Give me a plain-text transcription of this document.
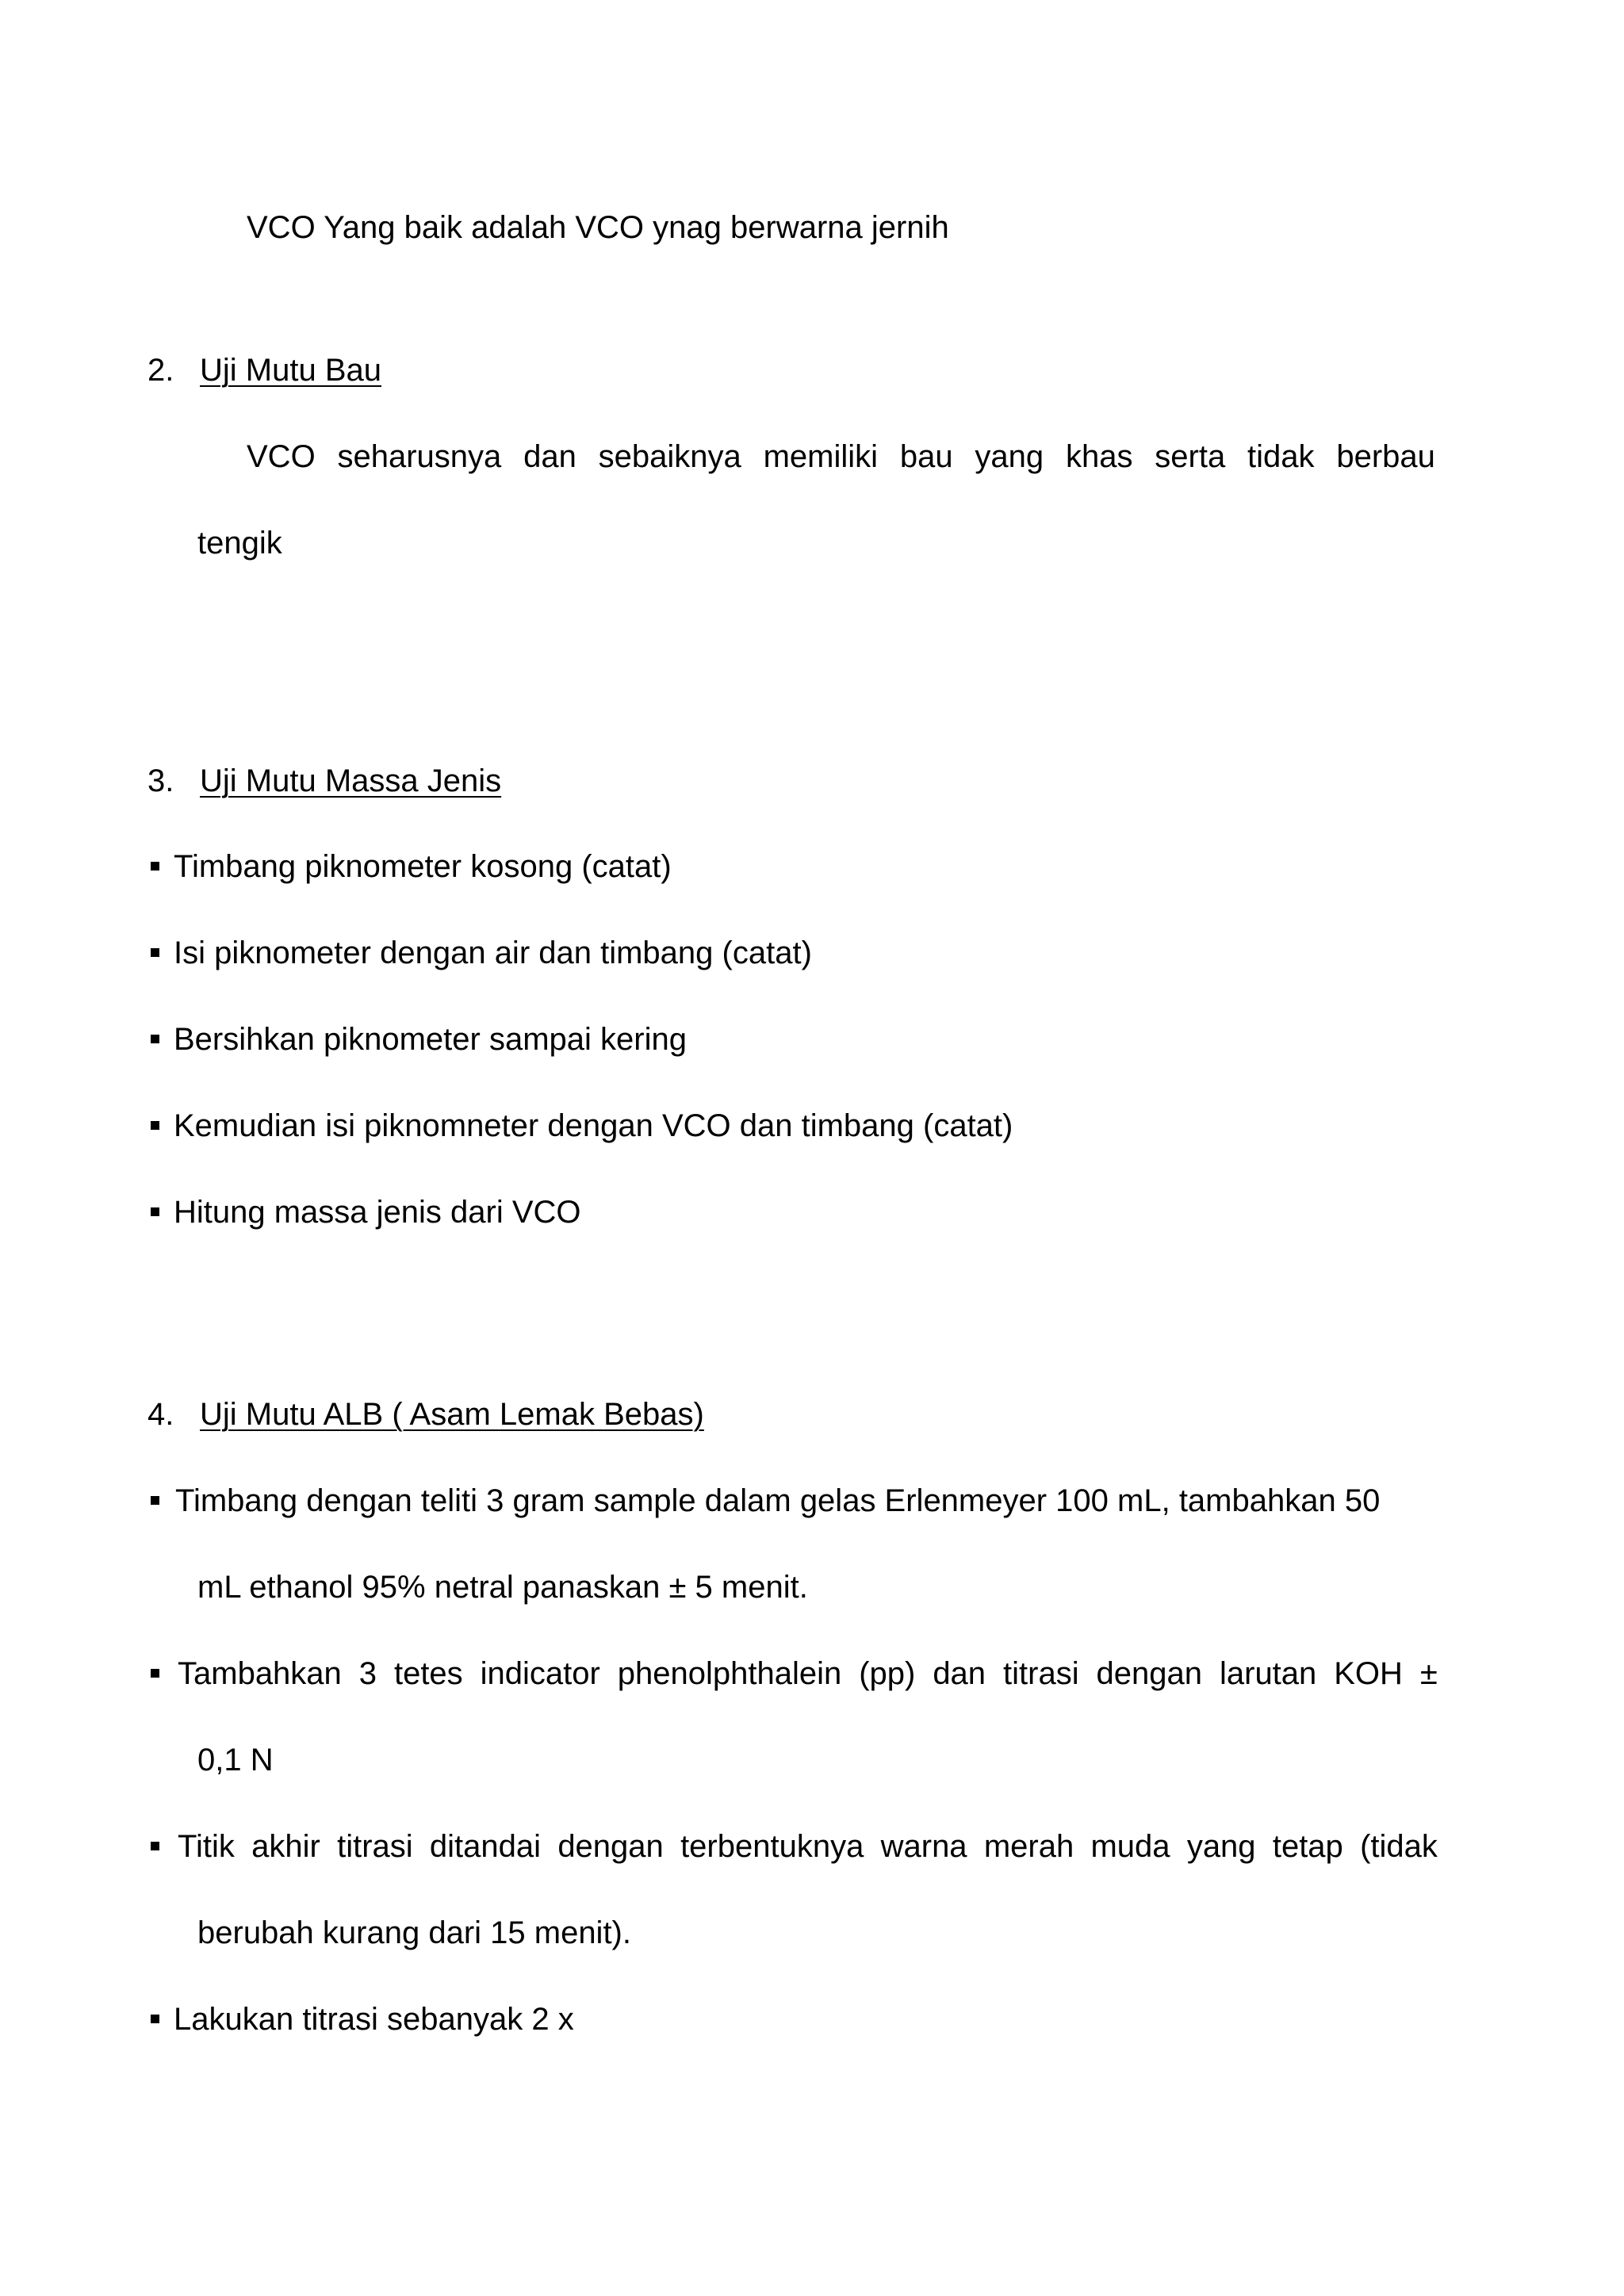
VCO Yang baik adalah VCO ynag berwarna jernih

2. Uji Mutu Bau
VCO seharusnya dan sebaiknya memiliki bau yang khas serta tidak berbau

tengik

3. Uji Mutu Massa Jenis

Timbang piknometer kosong (catat)

Isi piknometer dengan air dan timbang (catat)

Bersihkan piknometer sampai kering

Kemudian isi piknomneter dengan VCO dan timbang (catat)

Hitung massa jenis dari VCO

4. Uji Mutu ALB ( Asam Lemak Bebas)

Timbang dengan teliti 3 gram sample dalam gelas Erlenmeyer 100 mL, tambahkan 50

mL ethanol 95% netral panaskan ± 5 menit.

Tambahkan 3 tetes indicator phenolphthalein (pp) dan titrasi dengan larutan KOH ±

0,1 N

Titik akhir titrasi ditandai dengan terbentuknya warna merah muda yang tetap (tidak

berubah kurang dari 15 menit).

Lakukan titrasi sebanyak 2 x
